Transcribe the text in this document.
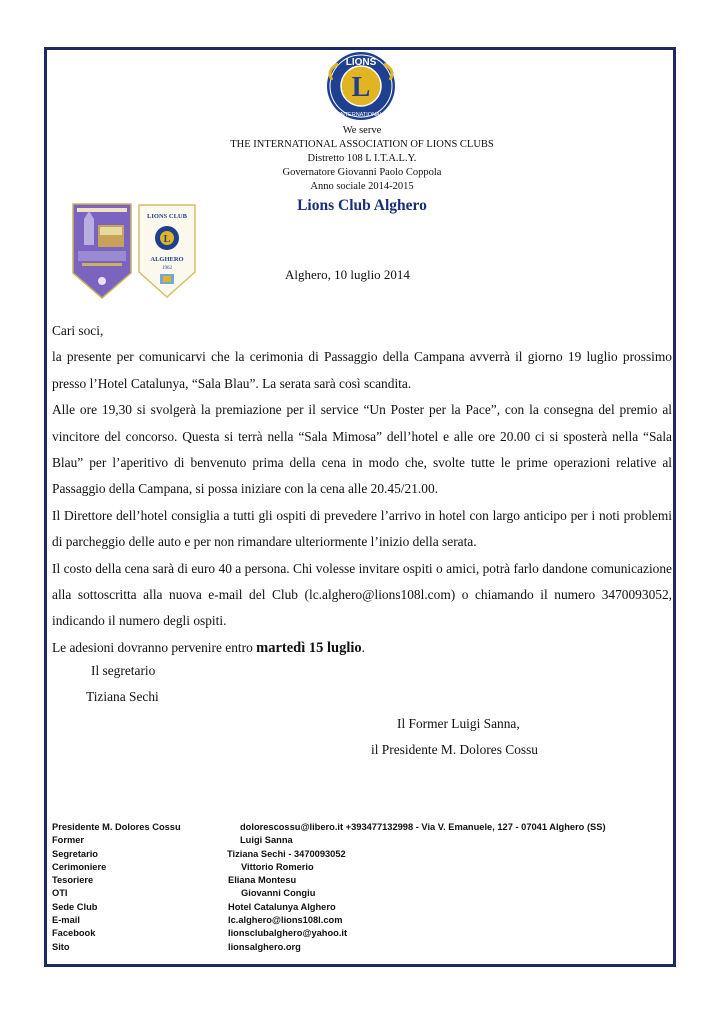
LIONS
INTERNATIONAL
L
We serve
THE INTERNATIONAL ASSOCIATION OF LIONS CLUBS
Distretto 108 L I.T.A.L.Y.
Governatore Giovanni Paolo Coppola
Anno sociale 2014-2015
Lions Club Alghero
LIONS CLUB
L
ALGHERO
1962	Alghero, 10 luglio 2014

Cari soci,

la presente per comunicarvi che la cerimonia di Passaggio della Campana avverrà il giorno 19 luglio prossimo presso l’Hotel Catalunya, “Sala Blau”. La serata sarà così scandita.

Alle ore 19,30 si svolgerà la premiazione per il service “Un Poster per la Pace”, con la consegna del premio al vincitore del concorso. Questa si terrà nella “Sala Mimosa” dell’hotel e alle ore 20.00 ci si sposterà nella “Sala Blau” per l’aperitivo di benvenuto prima della cena in modo che, svolte tutte le prime operazioni relative al Passaggio della Campana, si possa iniziare con la cena alle 20.45/21.00.

Il Direttore dell’hotel consiglia a tutti gli ospiti di prevedere l’arrivo in hotel con largo anticipo per i noti problemi di parcheggio delle auto e per non rimandare ulteriormente l’inizio della serata.

Il costo della cena sarà di euro 40 a persona. Chi volesse invitare ospiti o amici, potrà farlo dandone comunicazione alla sottoscritta alla nuova e-mail del Club (lc.alghero@lions108l.com) o chiamando il numero 3470093052, indicando il numero degli ospiti.

Le adesioni dovranno pervenire entro martedì 15 luglio.

Il segretario
Tiziana Sechi
Il Former Luigi Sanna,
il Presidente M. Dolores Cossu
Presidente M. Dolores Cossu	dolorescossu@libero.it +393477132998 - Via V. Emanuele, 127 - 07041 Alghero (SS)
Former	Luigi Sanna
Segretario	Tiziana Sechi - 3470093052
Cerimoniere	Vittorio Romerio
Tesoriere	Eliana Montesu
OTI	Giovanni Congiu
Sede Club	Hotel Catalunya Alghero
E-mail	lc.alghero@lions108l.com
Facebook	lionsclubalghero@yahoo.it
Sito	lionsalghero.org
